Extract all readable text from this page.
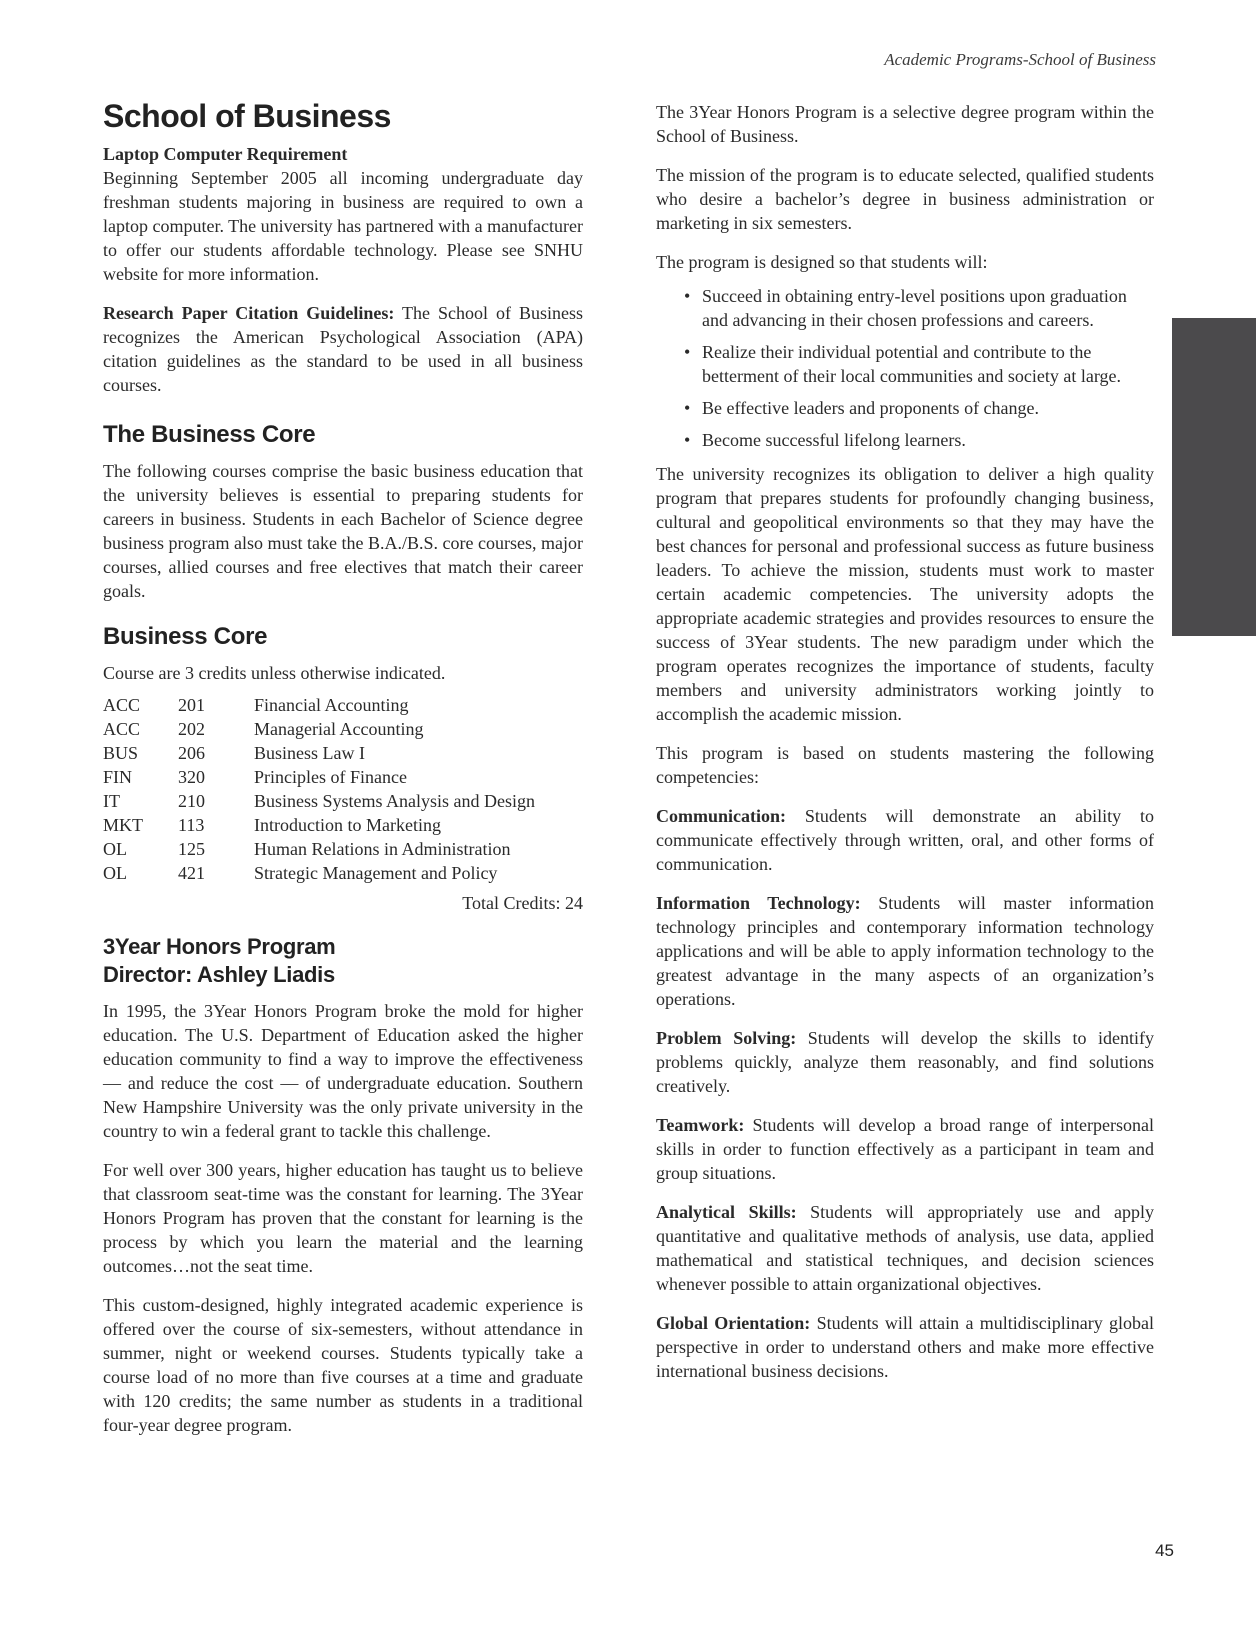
Academic Programs-School of Business
School of Business
Laptop Computer Requirement

Beginning September 2005 all incoming undergraduate day freshman students majoring in business are required to own a laptop computer. The university has partnered with a manufacturer to offer our students affordable technology. Please see SNHU website for more information.

Research Paper Citation Guidelines: The School of Business recognizes the American Psychological Association (APA) citation guidelines as the standard to be used in all business courses.

The Business Core

The following courses comprise the basic business education that the university believes is essential to preparing students for careers in business. Students in each Bachelor of Science degree business program also must take the B.A./B.S. core courses, major courses, allied courses and free electives that match their career goals.

Business Core

Course are 3 credits unless otherwise indicated.

ACC	201	Financial Accounting
ACC	202	Managerial Accounting
BUS	206	Business Law I
FIN	320	Principles of Finance
IT	210	Business Systems Analysis and Design
MKT	113	Introduction to Marketing
OL	125	Human Relations in Administration
OL	421	Strategic Management and Policy

Total Credits: 24

3Year Honors Program
Director: Ashley Liadis

In 1995, the 3Year Honors Program broke the mold for higher education. The U.S. Department of Education asked the higher education community to find a way to improve the effectiveness — and reduce the cost — of undergraduate education. Southern New Hampshire University was the only private university in the country to win a federal grant to tackle this challenge.

For well over 300 years, higher education has taught us to believe that classroom seat-time was the constant for learning. The 3Year Honors Program has proven that the constant for learning is the process by which you learn the material and the learning outcomes…not the seat time.

This custom-designed, highly integrated academic experience is offered over the course of six-semesters, without attendance in summer, night or weekend courses. Students typically take a course load of no more than five courses at a time and graduate with 120 credits; the same number as students in a traditional four-year degree program.

The 3Year Honors Program is a selective degree program within the School of Business.

The mission of the program is to educate selected, qualified students who desire a bachelor’s degree in business administration or marketing in six semesters.

The program is designed so that students will:

• Succeed in obtaining entry-level positions upon graduation and advancing in their chosen professions and careers.
• Realize their individual potential and contribute to the betterment of their local communities and society at large.
• Be effective leaders and proponents of change.
• Become successful lifelong learners.

The university recognizes its obligation to deliver a high quality program that prepares students for profoundly changing business, cultural and geopolitical environments so that they may have the best chances for personal and professional success as future business leaders. To achieve the mission, students must work to master certain academic competencies. The university adopts the appropriate academic strategies and provides resources to ensure the success of 3Year students. The new paradigm under which the program operates recognizes the importance of students, faculty members and university administrators working jointly to accomplish the academic mission.

This program is based on students mastering the following competencies:

Communication: Students will demonstrate an ability to communicate effectively through written, oral, and other forms of communication.

Information Technology: Students will master information technology principles and contemporary information technology applications and will be able to apply information technology to the greatest advantage in the many aspects of an organization’s operations.

Problem Solving: Students will develop the skills to identify problems quickly, analyze them reasonably, and find solutions creatively.

Teamwork: Students will develop a broad range of interpersonal skills in order to function effectively as a participant in team and group situations.

Analytical Skills: Students will appropriately use and apply quantitative and qualitative methods of analysis, use data, applied mathematical and statistical techniques, and decision sciences whenever possible to attain organizational objectives.

Global Orientation: Students will attain a multidisciplinary global perspective in order to understand others and make more effective international business decisions.

45
